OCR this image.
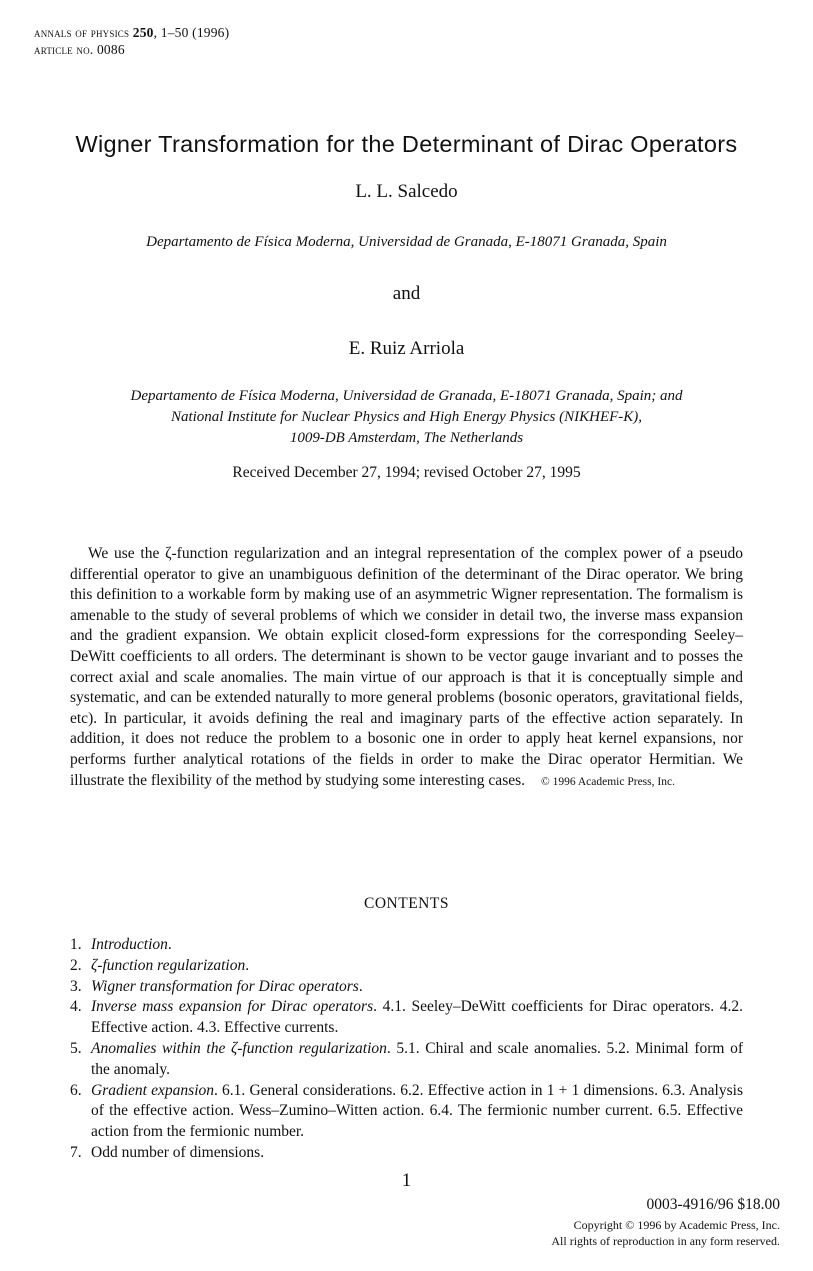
annals of physics 250, 1–50 (1996)
article no. 0086
Wigner Transformation for the Determinant of Dirac Operators
L. L. Salcedo
Departamento de Física Moderna, Universidad de Granada, E-18071 Granada, Spain
and
E. Ruiz Arriola
Departamento de Física Moderna, Universidad de Granada, E-18071 Granada, Spain; and
National Institute for Nuclear Physics and High Energy Physics (NIKHEF-K),
1009-DB Amsterdam, The Netherlands
Received December 27, 1994; revised October 27, 1995
We use the ζ-function regularization and an integral representation of the complex power of a pseudo differential operator to give an unambiguous definition of the determinant of the Dirac operator. We bring this definition to a workable form by making use of an asymmetric Wigner representation. The formalism is amenable to the study of several problems of which we consider in detail two, the inverse mass expansion and the gradient expansion. We obtain explicit closed-form expressions for the corresponding Seeley–DeWitt coefficients to all orders. The determinant is shown to be vector gauge invariant and to posses the correct axial and scale anomalies. The main virtue of our approach is that it is conceptually simple and systematic, and can be extended naturally to more general problems (bosonic operators, gravitational fields, etc). In particular, it avoids defining the real and imaginary parts of the effective action separately. In addition, it does not reduce the problem to a bosonic one in order to apply heat kernel expansions, nor performs further analytical rotations of the fields in order to make the Dirac operator Hermitian. We illustrate the flexibility of the method by studying some interesting cases. © 1996 Academic Press, Inc.
CONTENTS
1. Introduction.
2. ζ-function regularization.
3. Wigner transformation for Dirac operators.
4. Inverse mass expansion for Dirac operators. 4.1. Seeley–DeWitt coefficients for Dirac operators. 4.2. Effective action. 4.3. Effective currents.
5. Anomalies within the ζ-function regularization. 5.1. Chiral and scale anomalies. 5.2. Minimal form of the anomaly.
6. Gradient expansion. 6.1. General considerations. 6.2. Effective action in 1 + 1 dimensions. 6.3. Analysis of the effective action. Wess–Zumino–Witten action. 6.4. The fermionic number current. 6.5. Effective action from the fermionic number.
7. Odd number of dimensions.
1
0003-4916/96 $18.00
Copyright © 1996 by Academic Press, Inc.
All rights of reproduction in any form reserved.
